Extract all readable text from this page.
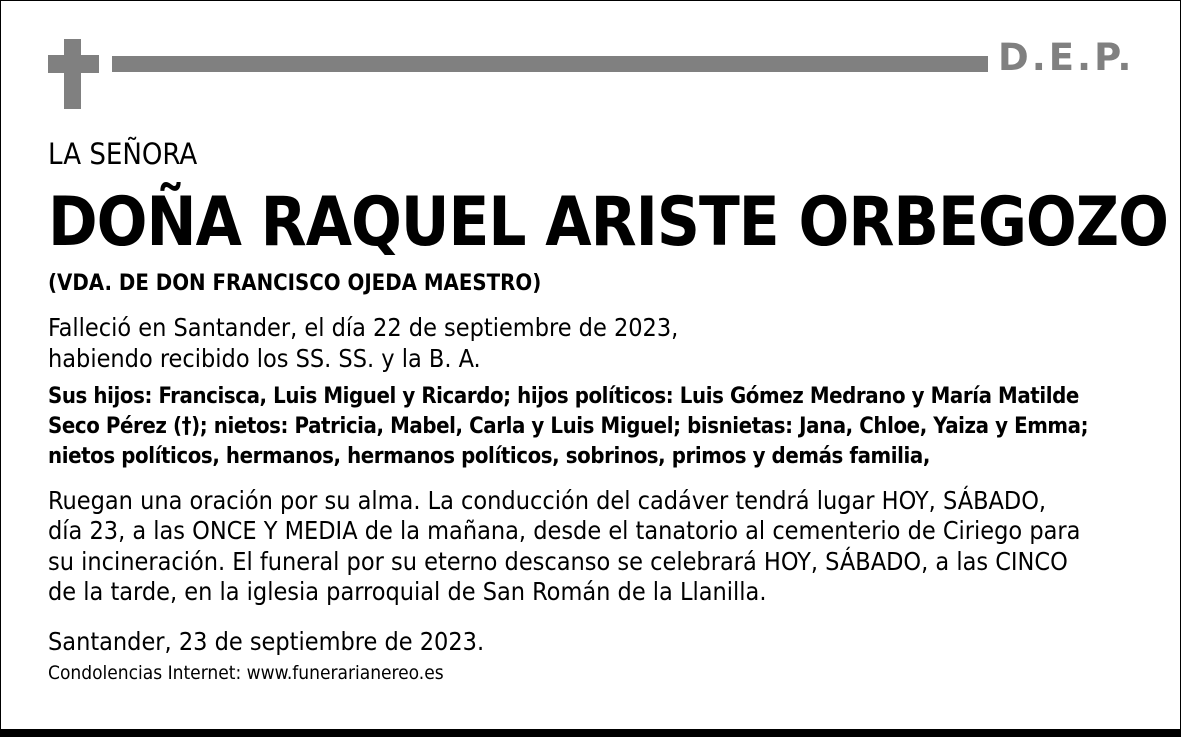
D.E.P.
LA SEÑORA
DOÑA RAQUEL ARISTE ORBEGOZO
(VDA. DE DON FRANCISCO OJEDA MAESTRO)
Falleció en Santander, el día 22 de septiembre de 2023,
habiendo recibido los SS. SS. y la B. A.
Sus hijos: Francisca, Luis Miguel y Ricardo; hijos políticos: Luis Gómez Medrano y María Matilde
Seco Pérez (†); nietos: Patricia, Mabel, Carla y Luis Miguel; bisnietas: Jana, Chloe, Yaiza y Emma;
nietos políticos, hermanos, hermanos políticos, sobrinos, primos y demás familia,
Ruegan una oración por su alma. La conducción del cadáver tendrá lugar HOY, SÁBADO,
día 23, a las ONCE Y MEDIA de la mañana, desde el tanatorio al cementerio de Ciriego para
su incineración. El funeral por su eterno descanso se celebrará HOY, SÁBADO, a las CINCO
de la tarde, en la iglesia parroquial de San Román de la Llanilla.
Santander, 23 de septiembre de 2023.
Condolencias Internet: www.funerarianereo.es
